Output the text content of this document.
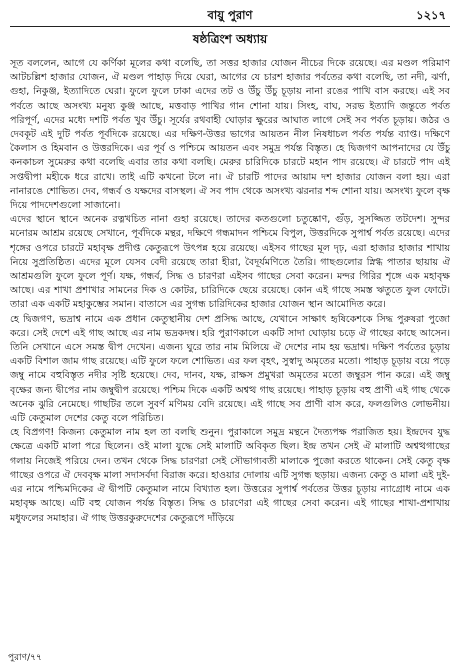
বায়ু পুরাণ	১২১৭
ষষ্ঠত্রিংশ অধ্যায়

সূত বললেন, আগে যে কর্ণিকা মূলের কথা বলেছি, তা সত্তর হাজার যোজন নীচের দিকে রয়েছে। এর মণ্ডল পরিমাণ আটচল্লিশ হাজার যোজন, ঐ মণ্ডল পাহাড় দিয়ে ঘেরা, আগের যে চারশ হাজার পর্বতের কথা বলেছি, তা নদী, ঝর্ণা, গুহা, নিকুঞ্জ, ইত্যাদিতে ঘেরা। ফুলে ফুলে ঢাকা এদের তট ও উঁচু উঁচু চূড়ায় নানা রঙের পাখি বাস করছে। এই সব পর্বতে আছে অসংখ্য মনুষ্য কুঞ্জ আছে, মত্তবাড় পাখির গান শোনা যায়। সিংহ, বাঘ, সরভ ইত্যাদি জন্তুতে পর্বত পরিপূর্ণ, এদের মধ্যে দশটি পর্বত খুব উঁচু। সূর্যের রথবাহী ঘোড়ার ক্ষুরের আঘাত লাগে সেই সব পর্বত চূড়ায়। জঠর ও দেবকূট এই দুটি পর্বত পূর্বদিকে রয়েছে। এর দক্ষিণ-উত্তর ভাগের আয়তন নীল নিষধাচল পর্বত পর্যন্ত ব্যাপ্ত। দক্ষিণে কৈলাস ও হিমবান ও উত্তরদিকে। এর পূর্ব ও পশ্চিমে আয়তন এবং সমুদ্র পর্যন্ত বিস্তৃত। হে দ্বিজগণ আপনাদের যে উঁচু কনকাচল সুমেরুর কথা বলেছি এবার তার কথা বলছি। মেরুর চারিদিকে চারটে মহান পাদ রয়েছে। ঐ চারটে পাদ এই সপ্তদ্বীপা মহীকে ধরে রাখে। তাই এটি কখনো টলে না। ঐ চারটি পাদের আয়াম দশ হাজার যোজন বলা হয়। এরা নানারঙে শোভিত। দেব, গন্ধর্ব ও যক্ষদের বাসস্থল। ঐ সব পাদ থেকে অসংখ্য ঝরনার শব্দ শোনা যায়। অসংখ্য ফুলে বৃক্ষ দিয়ে পাদদেশগুলো সাজানো।

এদের স্থানে স্থানে অনেক রত্নখচিত নানা গুহা রয়েছে। তাদের কতগুলো চতুষ্কোণ, গুঁড়, সুসজ্জিত তটদেশ। সুন্দর মনোরম আশ্রম রয়েছে সেখানে, পূর্বদিকে মন্থর, দক্ষিণে গন্ধমাদন পশ্চিমে বিপুল, উত্তরদিকে সুপার্শ্ব পর্বত রয়েছে। এদের শৃঙ্গের ওপরে চারটে মহাবৃক্ষ প্রদীপ্ত কেতুরূপে উৎপন্ন হয়ে রয়েছে। এইসব গাছের মূল দৃঢ়, এরা হাজার হাজার শাখায় নিয়ে সুপ্রতিষ্ঠিত। এদের মূলে যেসব বেদী রয়েছে তারা হীরা, বৈদূর্যমণিতে তৈরি। গাছগুলোর স্নিগ্ধ পাতার ছায়ায় ঐ আশ্রমগুলি ফুলে ফুলে পূর্ণ। যক্ষ, গন্ধর্ব, সিদ্ধ ও চারণরা এইসব গাছের সেবা করেন। মন্দর গিরির শৃঙ্গে এক মহাবৃক্ষ আছে। এর শাখা প্রশাখার সামনের দিক ও কোটর, চারিদিকে ছেয়ে রয়েছে। কোন এই গাছে সমস্ত ঋতুতে ফুল ফোটে। তারা এক একটি মহাকুম্ভের সমান। বাতাসে এর সুগন্ধ চারিদিকের হাজার যোজন স্থান আমোদিত করে।

হে দ্বিজগণ, ভদ্রাশ্ব নামে এক প্রধান কেতুস্থানীয় দেশ প্রসিদ্ধ আছে, যেখানে সাক্ষাৎ হৃষিকেশকে সিদ্ধ পুরুষরা পুজো করে। সেই দেশে এই গাছ আছে এর নাম ভদ্রকদম্ব। হরি পুরাণকালে একটি সাদা ঘোড়ায় চড়ে ঐ গাছের কাছে আসেন। তিনি সেখানে এসে সমস্ত দ্বীপ দেখেন। এজন্য ঘুরে তার নাম মিলিয়ে ঐ দেশের নাম হয় ভদ্রাশ্ব। দক্ষিণ পর্বতের চূড়ায় একটি বিশাল জাম গাছ রয়েছে। এটি ফুলে ফলে শোভিত। এর ফল বৃহৎ, সুস্বাদু অমৃতের মতো। পাহাড় চূড়ায় বয়ে পড়ে জম্বু নামে বহুবিস্তৃত নদীর সৃষ্টি হয়েছে। দেব, দানব, যক্ষ, রাক্ষস প্রমুখরা অমৃতের মতো জম্বুরস পান করে। এই জম্বু বৃক্ষের জন্য দ্বীপের নাম জম্বুদ্বীপ রয়েছে। পশ্চিম দিকে একটি অশ্বত্থ গাছ রয়েছে। পাহাড় চূড়ায় বহু প্রাণী এই গাছ থেকে অনেক ঝুরি নেমেছে। গাছটির তলে সুবর্ণ মণিময় বেদি রয়েছে। এই গাছে সব প্রাণী বাস করে, ফলগুলিও লোভনীয়। এটি কেতুমাল দেশের কেতু বলে পরিচিত।

হে বিপ্রগণ! কিজন্য কেতুমাল নাম হল তা বলছি শুনুন। পুরাকালে সমুদ্র মন্থনে দৈত্যপক্ষ পরাজিত হয়। ইন্দ্রদেব যুদ্ধ ক্ষেত্রে একটি মালা পরে ছিলেন। ওই মালা যুদ্ধে সেই মালাটি অবিকৃত ছিল। ইন্দ্র তখন সেই ঐ মালাটি অশ্বত্থগাছের গলায় নিজেই পরিয়ে দেন। তখন থেকে সিদ্ধ চারণরা সেই সৌভাগ্যবতী মালাকে পুজো করতে থাকেন। সেই কেতু বৃক্ষ গাছের ওপরে ঐ দেববৃক্ষ মালা সদাসর্বদা বিরাজ করে। হাওয়ার দোলায় এটি সুগন্ধ ছড়ায়। এজন্য কেতু ও মালা এই দুই-এর নামে পশ্চিমদিকের ঐ দ্বীপটি কেতুমাল নামে বিখ্যাত হল। উত্তরের সুপার্শ্ব পর্বতের উত্তর চূড়ায় ন্যাগ্রোধ নামে এক মহাবৃক্ষ আছে। এটি বহু যোজন পর্যন্ত বিস্তৃত। সিদ্ধ ও চারণেরা এই গাছের সেবা করেন। এই গাছের শাখা-প্রশাখায় মধুফলের সমাহার। ঐ গাছ উত্তরকুরুদেশের কেতুরূপে দাঁড়িয়ে

পুরাণ/৭৭
